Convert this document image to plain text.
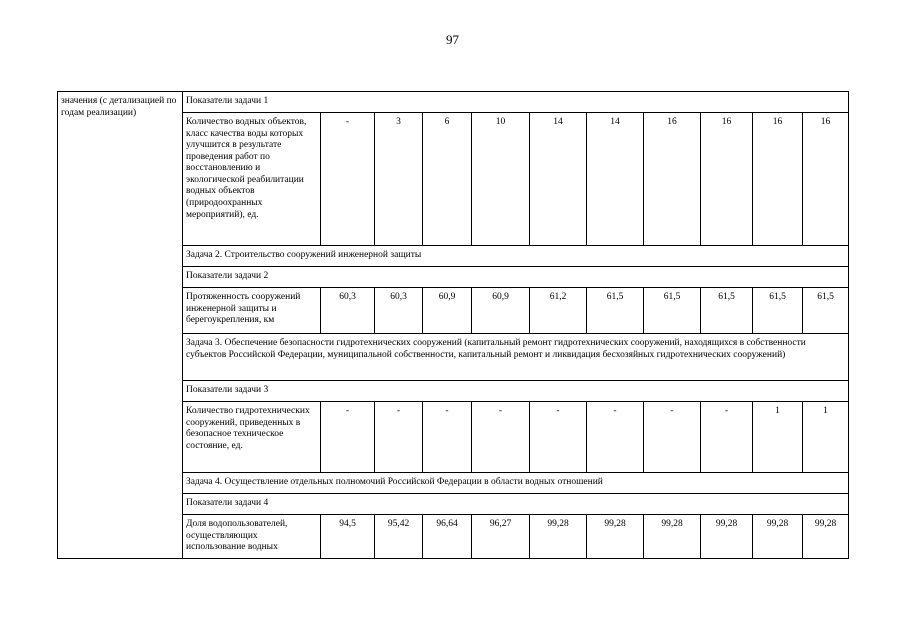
97
значения (с детализацией по годам реализации)	Показатели задачи 1										
	Количество водных объектов, класс качества воды которых улучшится в результате проведения работ по восстановлению и экологической реабилитации водных объектов (природоохранных мероприятий), ед.	-	3	6	10	14	14	16	16	16	16
	Задача 2. Строительство сооружений инженерной защиты										
	Показатели задачи 2										
	Протяженность сооружений инженерной защиты и берегоукрепления, км	60,3	60,3	60,9	60,9	61,2	61,5	61,5	61,5	61,5	61,5
	Задача 3. Обеспечение безопасности гидротехнических сооружений (капитальный ремонт гидротехнических сооружений, находящихся в собственности субъектов Российской Федерации, муниципальной собственности, капитальный ремонт и ликвидация бесхозяйных гидротехнических сооружений)										
	Показатели задачи 3										
	Количество гидротехнических сооружений, приведенных в безопасное техническое состояние, ед.	-	-	-	-	-	-	-	-	1	1
	Задача 4. Осуществление отдельных полномочий Российской Федерации в области водных отношений										
	Показатели задачи 4										
	Доля водопользователей, осуществляющих использование водных	94,5	95,42	96,64	96,27	99,28	99,28	99,28	99,28	99,28	99,28
